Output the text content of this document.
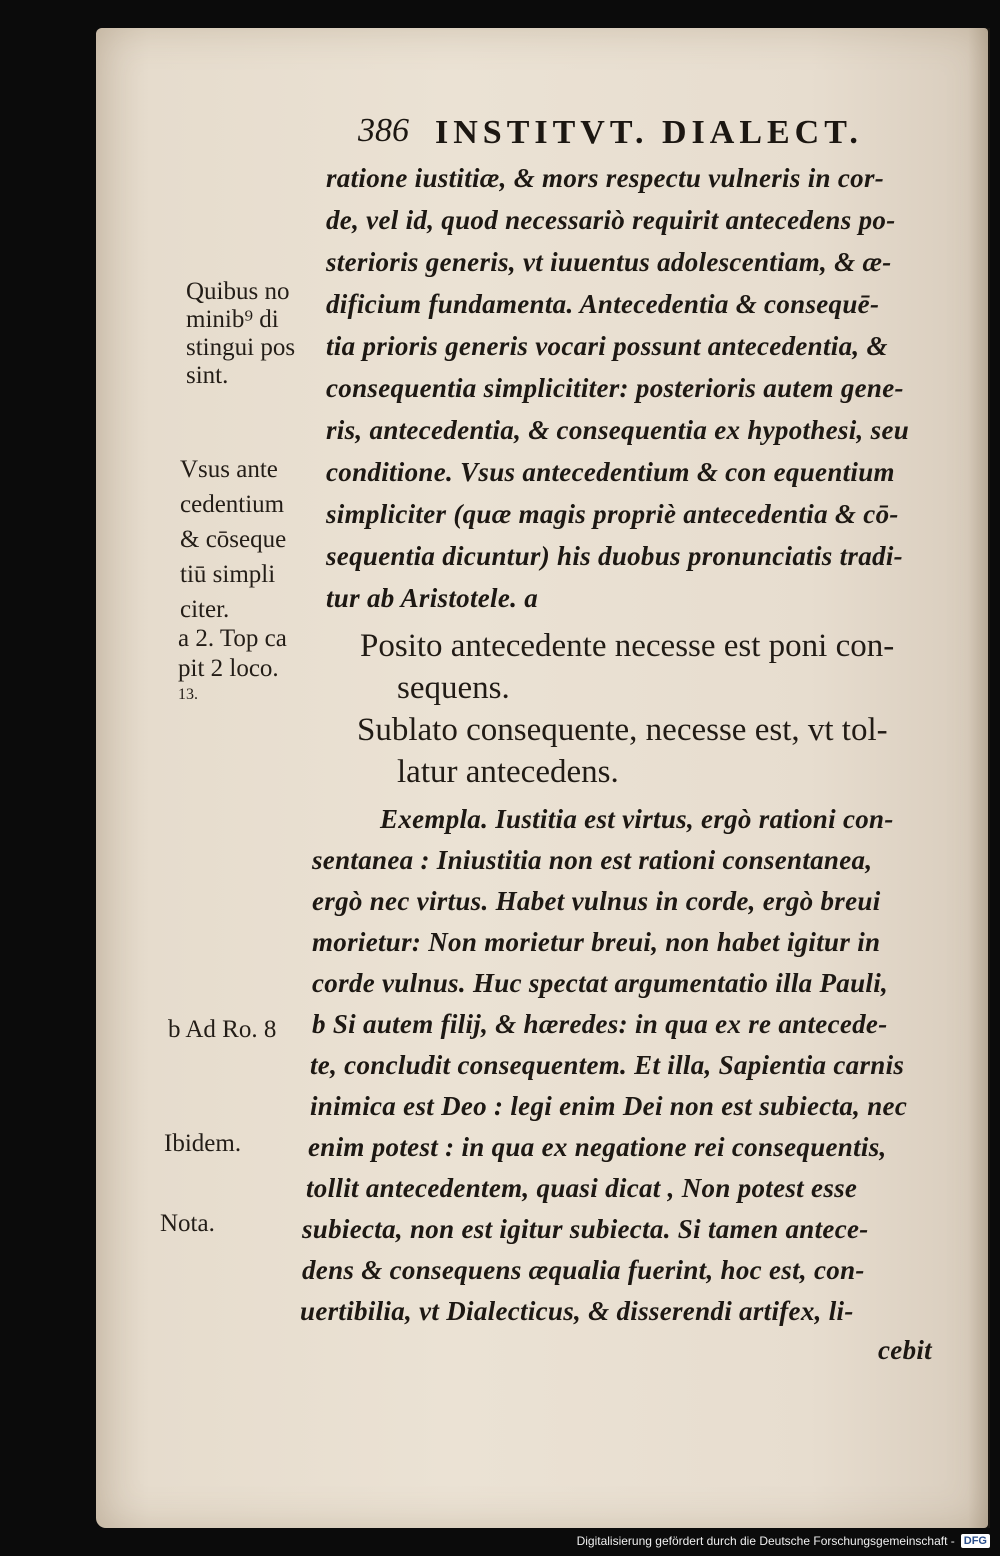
386 INSTITVT. DIALECT.
ratione iustitiæ, & mors respectu vulneris in cor-
de, vel id, quod necessariò requirit antecedens po-
sterioris generis, vt iuuentus adolescentiam, & æ-
dificium fundamenta. Antecedentia & consequē-
tia prioris generis vocari possunt antecedentia, &
consequentia simplicititer: posterioris autem gene-
ris, antecedentia, & consequentia ex hypothesi, seu
conditione. Vsus antecedentium & con equentium
simpliciter (quæ magis propriè antecedentia & cō-
sequentia dicuntur) his duobus pronunciatis tradi-
tur ab Aristotele. a
Posito antecedente necesse est poni con-
sequens.
Sublato consequente, necesse est, vt tol-
latur antecedens.
Exempla. Iustitia est virtus, ergò rationi con-
sentanea : Iniustitia non est rationi consentanea,
ergò nec virtus. Habet vulnus in corde, ergò breui
morietur: Non morietur breui, non habet igitur in
corde vulnus. Huc spectat argumentatio illa Pauli,
b Si autem filij, & hæredes: in qua ex re antecede-
te, concludit consequentem. Et illa, Sapientia carnis
inimica est Deo : legi enim Dei non est subiecta, nec
enim potest : in qua ex negatione rei consequentis,
tollit antecedentem, quasi dicat , Non potest esse
subiecta, non est igitur subiecta. Si tamen antece-
dens & consequens æqualia fuerint, hoc est, con-
uertibilia, vt Dialecticus, & disserendi artifex, li-
cebit
Quibus no
minib⁹ di
stingui pos
sint.
Vsus ante
cedentium
& cōseque
tiū simpli
citer.
a 2. Top ca
pit 2 loco.
13.
b Ad Ro. 8
Ibidem.
Nota.
Digitalisierung gefördert durch die Deutsche Forschungsgemeinschaft - DFG
